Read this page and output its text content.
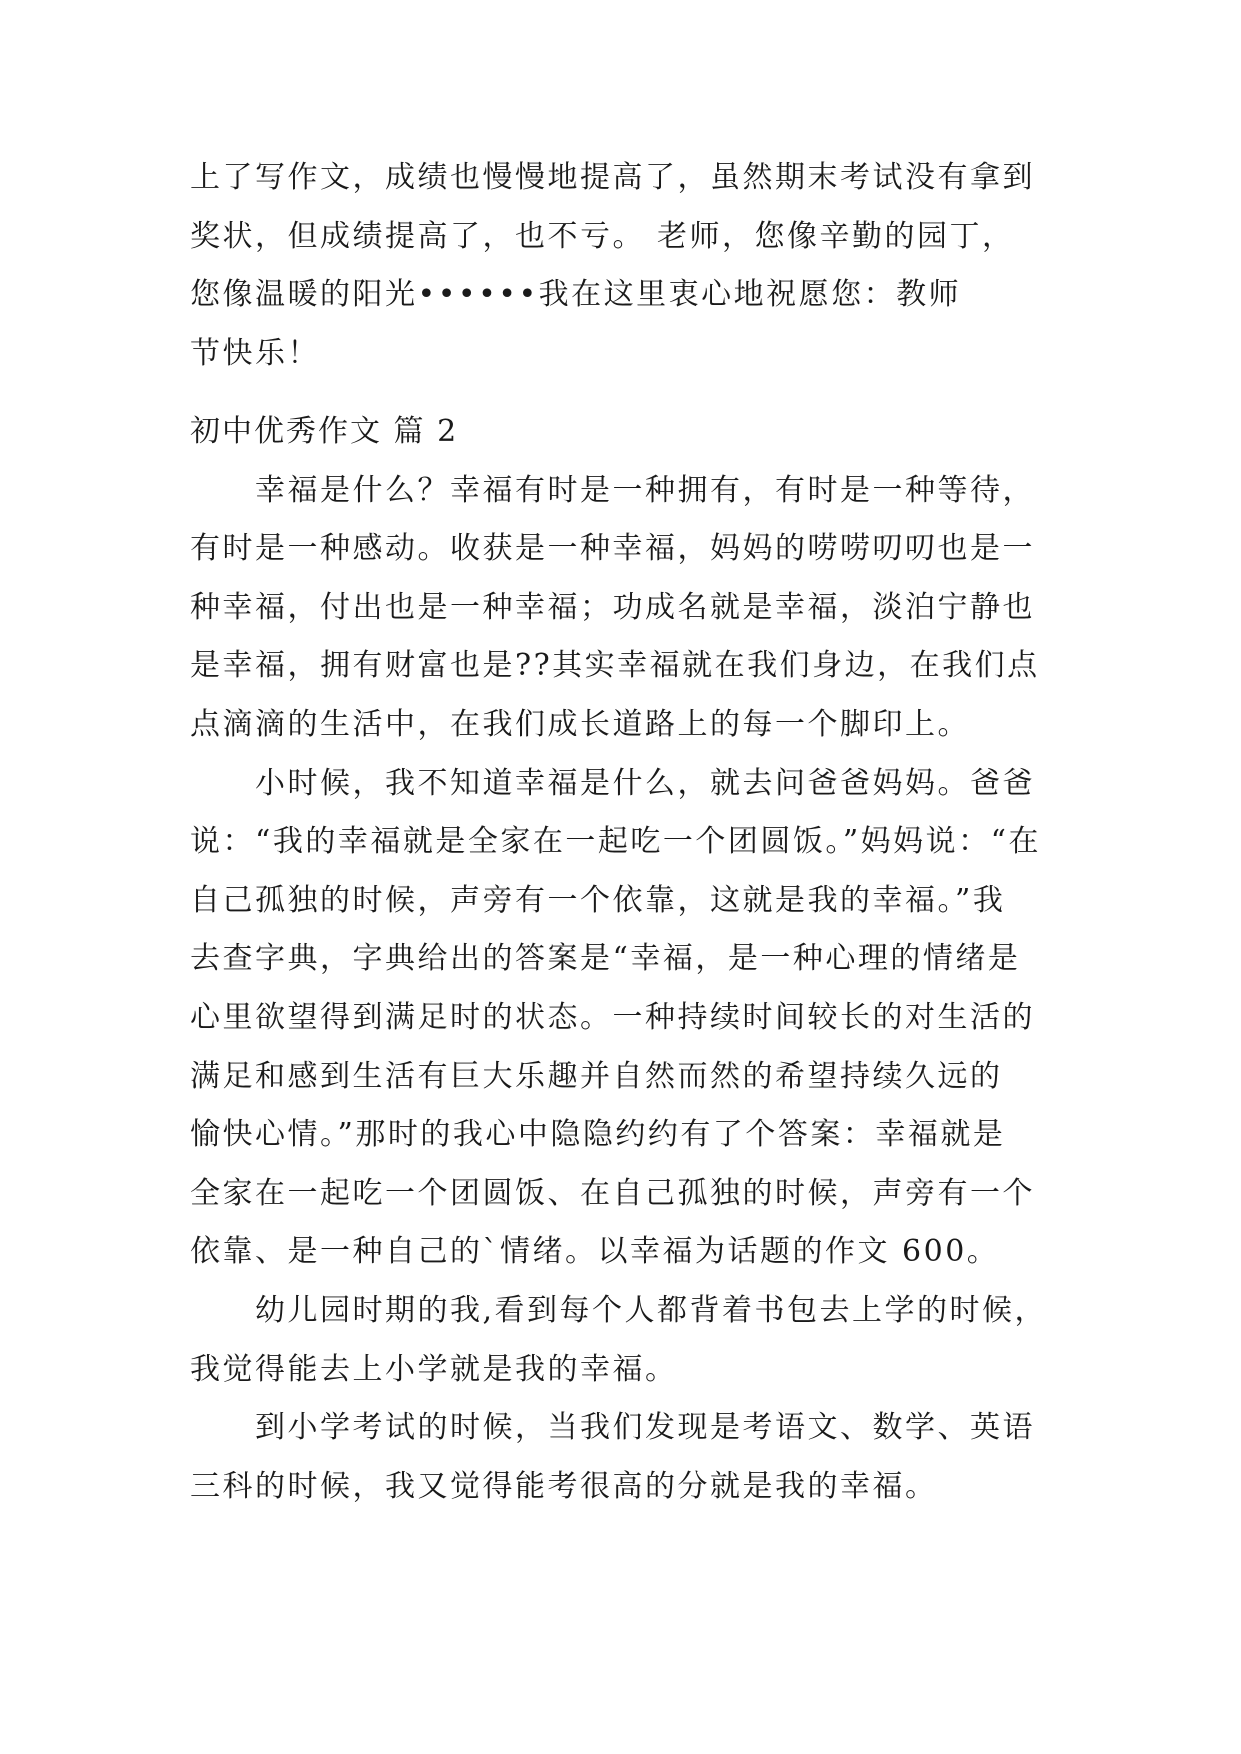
上了写作文，成绩也慢慢地提高了，虽然期末考试没有拿到
奖状，但成绩提高了，也不亏。 老师，您像辛勤的园丁，
您像温暖的阳光••••••我在这里衷心地祝愿您：教师
节快乐！
初中优秀作文 篇 2
幸福是什么？幸福有时是一种拥有，有时是一种等待，
有时是一种感动。收获是一种幸福，妈妈的唠唠叨叨也是一
种幸福，付出也是一种幸福；功成名就是幸福，淡泊宁静也
是幸福，拥有财富也是??其实幸福就在我们身边，在我们点
点滴滴的生活中，在我们成长道路上的每一个脚印上。
小时候，我不知道幸福是什么，就去问爸爸妈妈。爸爸
说：“我的幸福就是全家在一起吃一个团圆饭。”妈妈说：“在
自己孤独的时候，声旁有一个依靠，这就是我的幸福。”我
去查字典，字典给出的答案是“幸福，是一种心理的情绪是
心里欲望得到满足时的状态。一种持续时间较长的对生活的
满足和感到生活有巨大乐趣并自然而然的希望持续久远的
愉快心情。”那时的我心中隐隐约约有了个答案：幸福就是
全家在一起吃一个团圆饭、在自己孤独的时候，声旁有一个
依靠、是一种自己的`情绪。以幸福为话题的作文 600。
幼儿园时期的我,看到每个人都背着书包去上学的时候，
我觉得能去上小学就是我的幸福。
到小学考试的时候，当我们发现是考语文、数学、英语
三科的时候，我又觉得能考很高的分就是我的幸福。
